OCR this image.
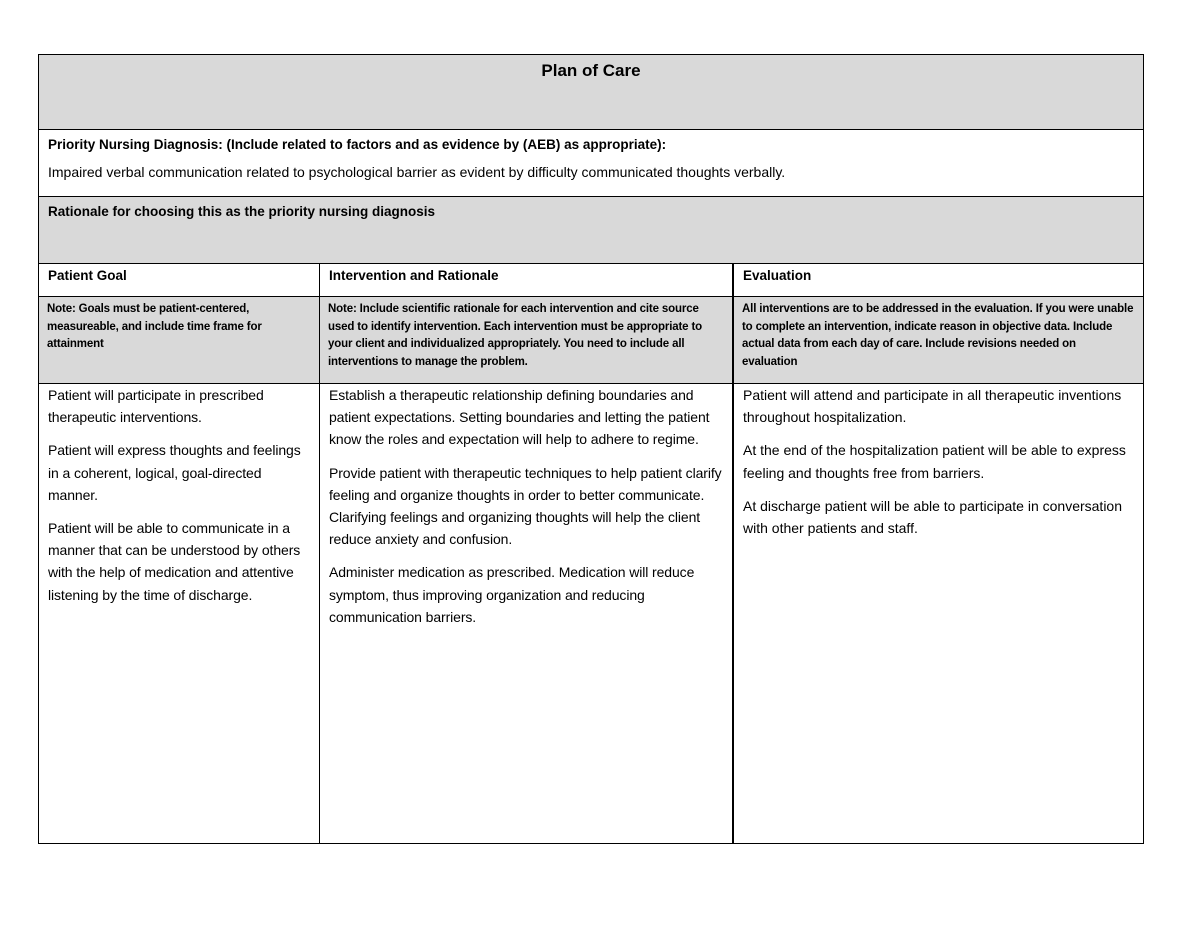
Plan of Care

Priority Nursing Diagnosis: (Include related to factors and as evidence by (AEB) as appropriate):

Impaired verbal communication related to psychological barrier as evident by difficulty communicated thoughts verbally.

Rationale for choosing this as the priority nursing diagnosis
Patient Goal	Intervention and Rationale	Evaluation
Note: Goals must be patient-centered, measureable, and include time frame for attainment
Note: Include scientific rationale for each intervention and cite source used to identify intervention. Each intervention must be appropriate to your client and individualized appropriately. You need to include all interventions to manage the problem.
All interventions are to be addressed in the evaluation. If you were unable to complete an intervention, indicate reason in objective data. Include actual data from each day of care. Include revisions needed on evaluation

Patient will participate in prescribed therapeutic interventions.

Patient will express thoughts and feelings in a coherent, logical, goal-directed manner.

Patient will be able to communicate in a manner that can be understood by others with the help of medication and attentive listening by the time of discharge.

Establish a therapeutic relationship defining boundaries and patient expectations. Setting boundaries and letting the patient know the roles and expectation will help to adhere to regime.

Provide patient with therapeutic techniques to help patient clarify feeling and organize thoughts in order to better communicate. Clarifying feelings and organizing thoughts will help the client reduce anxiety and confusion.

Administer medication as prescribed. Medication will reduce symptom, thus improving organization and reducing communication barriers.

Patient will attend and participate in all therapeutic inventions throughout hospitalization.

At the end of the hospitalization patient will be able to express feeling and thoughts free from barriers.

At discharge patient will be able to participate in conversation with other patients and staff.
